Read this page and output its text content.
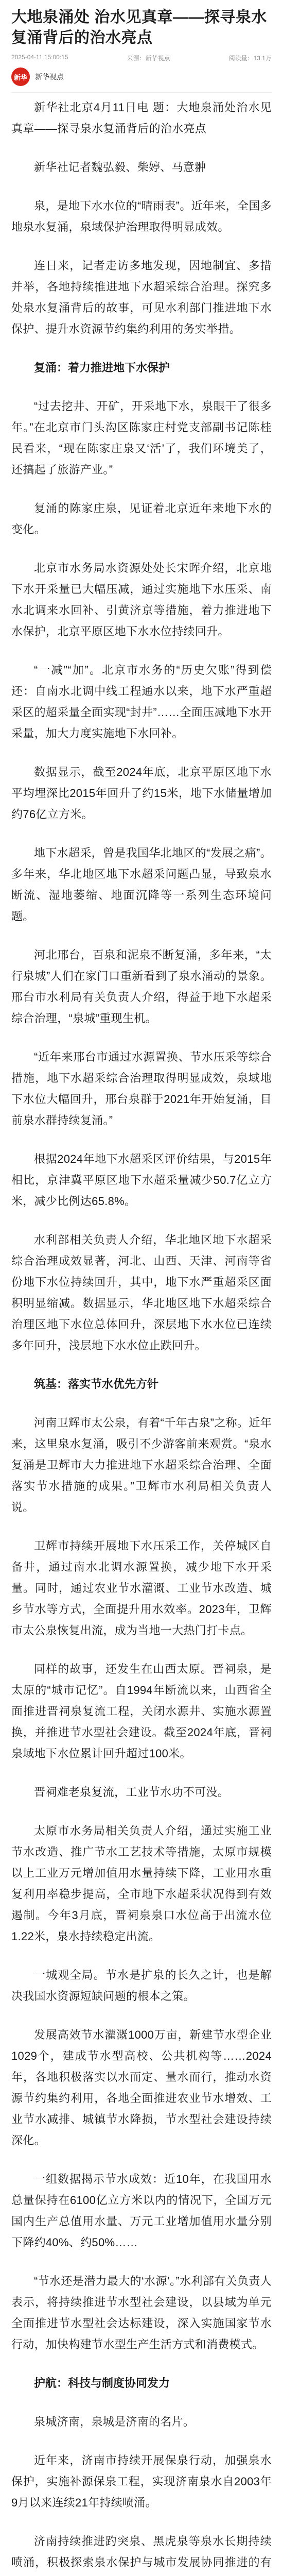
大地泉涌处 治水见真章——探寻泉水复涌背后的治水亮点
2025-04-11 15:00:15	来源：新华视点	阅读量：13.1万
新华	新华视点

新华社北京4月11日电 题：大地泉涌处治水见真章——探寻泉水复涌背后的治水亮点

新华社记者魏弘毅、柴婷、马意翀

泉，是地下水水位的“晴雨表”。近年来，全国多地泉水复涌，泉域保护治理取得明显成效。

连日来，记者走访多地发现，因地制宜、多措并举，各地持续推进地下水超采综合治理。探究多处泉水复涌背后的故事，可见水利部门推进地下水保护、提升水资源节约集约利用的务实举措。

复涌：着力推进地下水保护

“过去挖井、开矿，开采地下水，泉眼干了很多年。”在北京市门头沟区陈家庄村党支部副书记陈桂民看来，“现在陈家庄泉又‘活’了，我们环境美了，还搞起了旅游产业。”

复涌的陈家庄泉，见证着北京近年来地下水的变化。

北京市水务局水资源处处长宋晖介绍，北京地下水开采量已大幅压减，通过实施地下水压采、南水北调来水回补、引黄济京等措施，着力推进地下水保护，北京平原区地下水水位持续回升。

“一减”“加”。北京市水务的“历史欠账”得到偿还：自南水北调中线工程通水以来，地下水严重超采区的超采量全面实现“封井”……全面压减地下水开采量，加大力度实施地下水回补。

数据显示，截至2024年底，北京平原区地下水平均埋深比2015年回升了约15米，地下水储量增加约76亿立方米。

地下水超采，曾是我国华北地区的“发展之痛”。多年来，华北地区地下水超采问题凸显，导致泉水断流、湿地萎缩、地面沉降等一系列生态环境问题。

河北邢台，百泉和泥泉不断复涌，多年来，“太行泉城”人们在家门口重新看到了泉水涌动的景象。邢台市水利局有关负责人介绍，得益于地下水超采综合治理，“泉城”重现生机。

“近年来邢台市通过水源置换、节水压采等综合措施，地下水超采综合治理取得明显成效，泉域地下水位大幅回升，邢台泉群于2021年开始复涌，目前泉水群持续复涌。”

根据2024年地下水超采区评价结果，与2015年相比，京津冀平原区地下水超采量减少50.7亿立方米，减少比例达65.8%。

水利部相关负责人介绍，华北地区地下水超采综合治理成效显著，河北、山西、天津、河南等省份地下水位持续回升，其中，地下水严重超采区面积明显缩减。数据显示，华北地区地下水超采综合治理区地下水位总体回升，深层地下水水位已连续多年回升，浅层地下水水位止跌回升。

筑基：落实节水优先方针

河南卫辉市太公泉，有着“千年古泉”之称。近年来，这里泉水复涌，吸引不少游客前来观赏。“泉水复涌是卫辉市大力推进地下水超采综合治理、全面落实节水措施的成果。”卫辉市水利局相关负责人说。

卫辉市持续开展地下水压采工作，关停城区自备井，通过南水北调水源置换，减少地下水开采量。同时，通过农业节水灌溉、工业节水改造、城乡节水等方式，全面提升用水效率。2023年，卫辉市太公泉恢复出流，成为当地一大热门打卡点。

同样的故事，还发生在山西太原。晋祠泉，是太原的“城市记忆”。自1994年断流以来，山西省全面推进晋祠泉复流工程，关闭水源井、实施水源置换，并推进节水型社会建设。截至2024年底，晋祠泉域地下水位累计回升超过100米。

晋祠难老泉复流，工业节水功不可没。

太原市水务局相关负责人介绍，通过实施工业节水改造、推广节水工艺技术等措施，太原市规模以上工业万元增加值用水量持续下降，工业用水重复利用率稳步提高，全市地下水超采状况得到有效遏制。今年3月底，晋祠泉泉口水位高于出流水位1.22米，泉水持续稳定出流。

一城观全局。节水是扩泉的长久之计，也是解决我国水资源短缺问题的根本之策。

发展高效节水灌溉1000万亩，新建节水型企业1029个，建成节水型高校、公共机构等……2024年，各地积极落实以水而定、量水而行，推动水资源节约集约利用，各地全面推进农业节水增效、工业节水减排、城镇节水降损，节水型社会建设持续深化。

一组数据揭示节水成效：近10年，在我国用水总量保持在6100亿立方米以内的情况下，全国万元国内生产总值用水量、万元工业增加值用水量分别下降约40%、约50%……

“节水还是潜力最大的‘水源’。”水利部有关负责人表示，将持续推进节水型社会建设，以县域为单元全面推进节水型社会达标建设，深入实施国家节水行动，加快构建节水型生产生活方式和消费模式。

护航：科技与制度协同发力

泉城济南，泉城是济南的名片。

近年来，济南市持续开展保泉行动，加强泉水保护，实施补源保泉工程，实现济南泉水自2003年9月以来连续21年持续喷涌。

济南持续推进趵突泉、黑虎泉等泉水长期持续喷涌，积极探索泉水保护与城市发展协同推进的有
